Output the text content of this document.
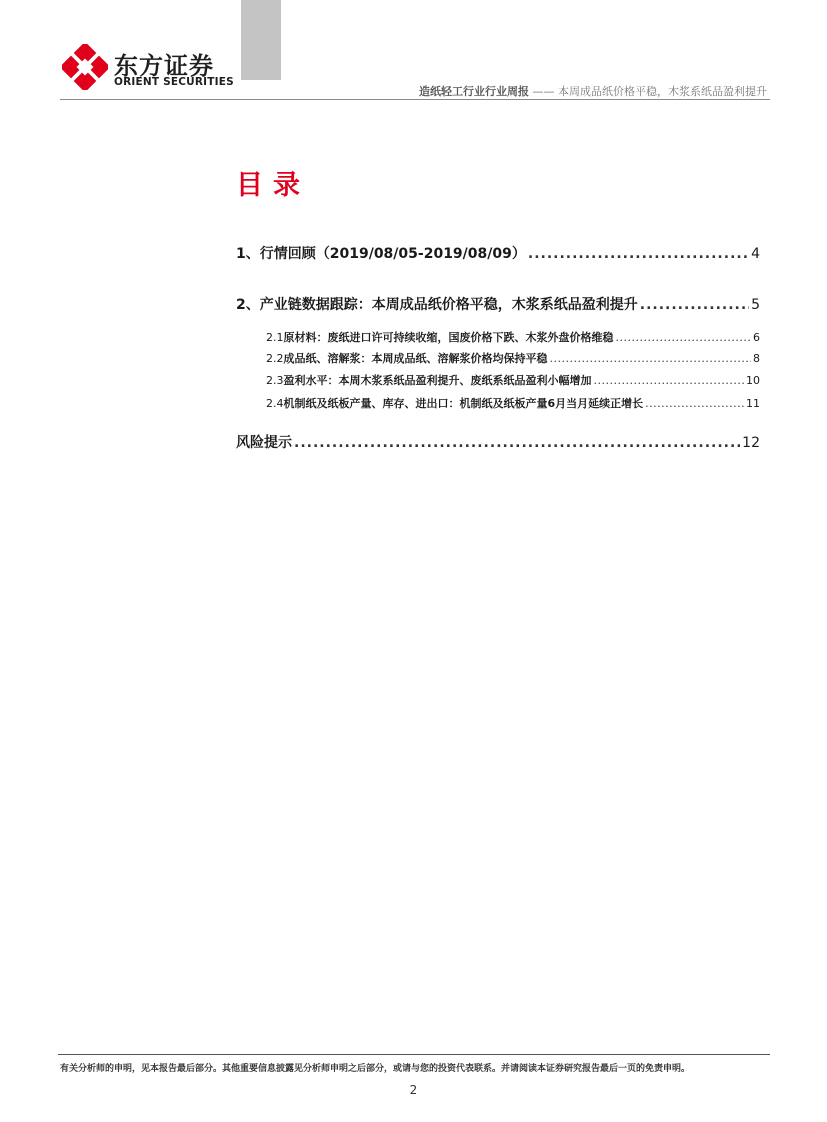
东方证券
ORIENT SECURITIES
造纸轻工行业行业周报 —— 本周成品纸价格平稳，木浆系纸品盈利提升
目录
1、行情回顾（2019/08/05-2019/08/09） .....	4
2、产业链数据跟踪：本周成品纸价格平稳，木浆系纸品盈利提升 .....	5
2.1 原材料：废纸进口许可持续收缩，国废价格下跌、木浆外盘价格维稳 .....	6
2.2 成品纸、溶解浆：本周成品纸、溶解浆价格均保持平稳 .....	8
2.3 盈利水平：本周木浆系纸品盈利提升、废纸系纸品盈利小幅增加 .....	10
2.4 机制纸及纸板产量、库存、进出口：机制纸及纸板产量6月当月延续正增长 .....	11
风险提示 .....	12
有关分析师的申明，见本报告最后部分。其他重要信息披露见分析师申明之后部分，或请与您的投资代表联系。并请阅读本证券研究报告最后一页的免责申明。
2
